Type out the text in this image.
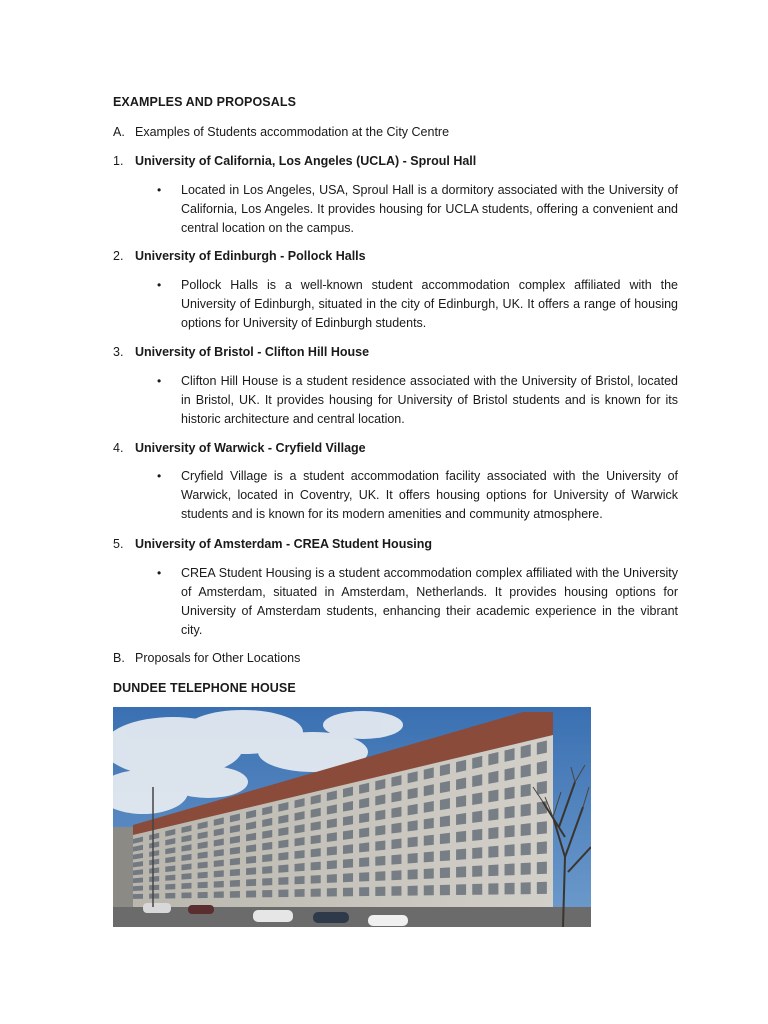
EXAMPLES AND PROPOSALS

A. Examples of Students accommodation at the City Centre
1. University of California, Los Angeles (UCLA) - Sproul Hall
• Located in Los Angeles, USA, Sproul Hall is a dormitory associated with the University of California, Los Angeles. It provides housing for UCLA students, offering a convenient and central location on the campus.
2. University of Edinburgh - Pollock Halls
• Pollock Halls is a well-known student accommodation complex affiliated with the University of Edinburgh, situated in the city of Edinburgh, UK. It offers a range of housing options for University of Edinburgh students.
3. University of Bristol - Clifton Hill House
• Clifton Hill House is a student residence associated with the University of Bristol, located in Bristol, UK. It provides housing for University of Bristol students and is known for its historic architecture and central location.
4. University of Warwick - Cryfield Village
• Cryfield Village is a student accommodation facility associated with the University of Warwick, located in Coventry, UK. It offers housing options for University of Warwick students and is known for its modern amenities and community atmosphere.
5. University of Amsterdam - CREA Student Housing
• CREA Student Housing is a student accommodation complex affiliated with the University of Amsterdam, situated in Amsterdam, Netherlands. It provides housing options for University of Amsterdam students, enhancing their academic experience in the vibrant city.
B. Proposals for Other Locations

DUNDEE TELEPHONE HOUSE
